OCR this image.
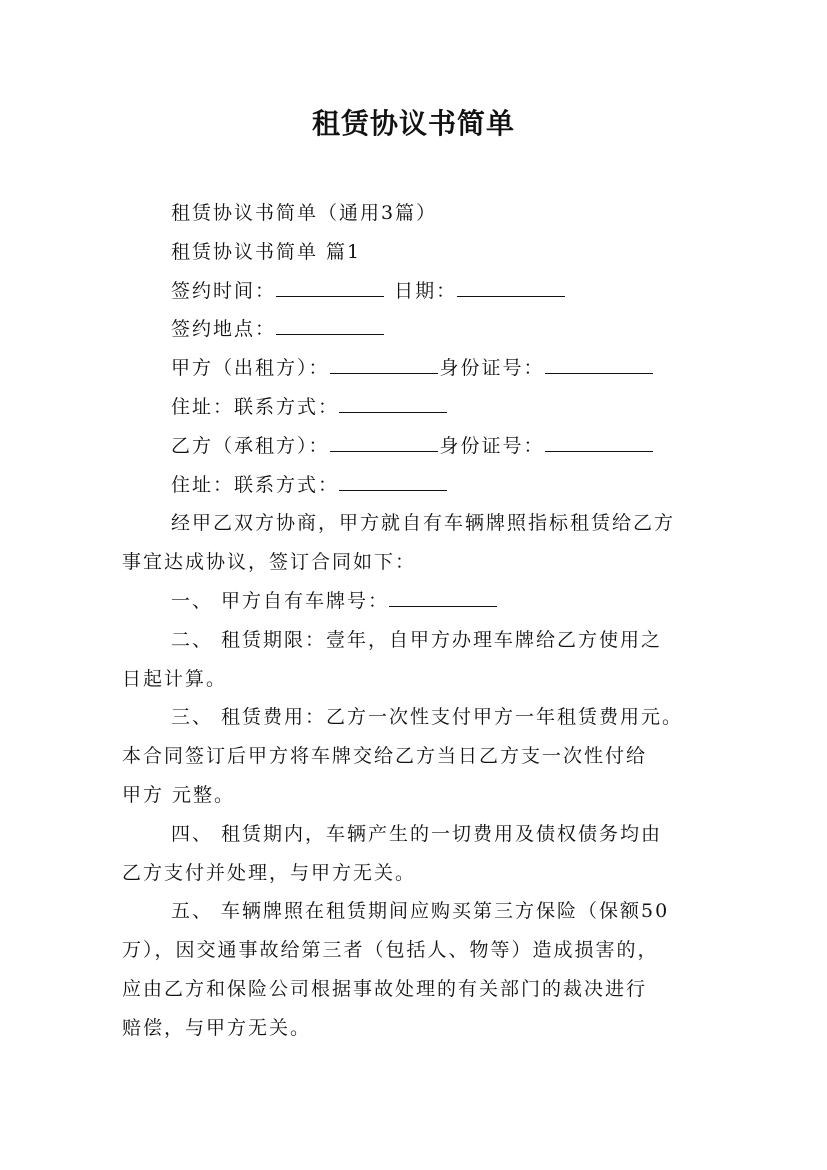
租赁协议书简单
租赁协议书简单（通用3篇）
租赁协议书简单 篇1
签约时间：	日期：
签约地点：
甲方（出租方）：	身份证号：
住址：联系方式：
乙方（承租方）：	身份证号：
住址：联系方式：
经甲乙双方协商，甲方就自有车辆牌照指标租赁给乙方
事宜达成协议，签订合同如下：
一、 甲方自有车牌号：
二、 租赁期限：壹年，自甲方办理车牌给乙方使用之
日起计算。
三、 租赁费用：乙方一次性支付甲方一年租赁费用元。
本合同签订后甲方将车牌交给乙方当日乙方支一次性付给
甲方 元整。
四、 租赁期内，车辆产生的一切费用及债权债务均由
乙方支付并处理，与甲方无关。
五、 车辆牌照在租赁期间应购买第三方保险（保额50
万），因交通事故给第三者（包括人、物等）造成损害的，
应由乙方和保险公司根据事故处理的有关部门的裁决进行
赔偿，与甲方无关。
